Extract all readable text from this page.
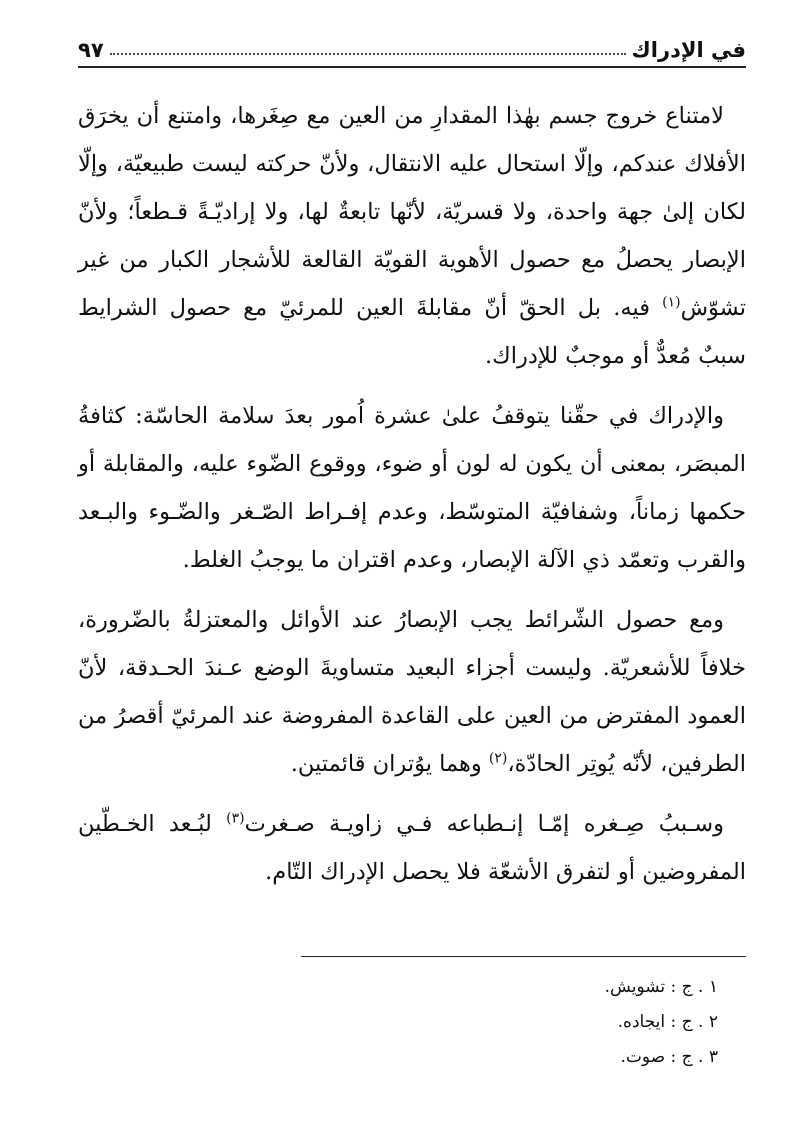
في الإدراك
٩٧

لامتناع خروج جسم بهٰذا المقدارِ من العين مع صِغَرها، وامتنع أن يخرَق الأفلاك عندكم، وإلّا استحال عليه الانتقال، ولأنّ حركته ليست طبيعيّة، وإلّا لكان إلىٰ جهة واحدة، ولا قسريّة، لأنّها تابعةٌ لها، ولا إراديّـةً قـطعاً؛ ولأنّ الإبصار يحصلُ مع حصول الأهوية القويّة القالعة للأشجار الكبار من غير تشوّش$^{(١)}$ فيه. بل الحقّ أنّ مقابلةَ العين للمرئيّ مع حصول الشرايط سببٌ مُعدٌّ أو موجبٌ للإدراك.

والإدراك في حقّنا يتوقفُ علىٰ عشرة اُمور بعدَ سلامة الحاسّة: كثافةُ المبصَر، بمعنى أن يكون له لون أو ضوء، ووقوع الضّوء عليه، والمقابلة أو حكمها زماناً، وشفافيّة المتوسّط، وعدم إفـراط الصّـغر والضّـوء والبـعد والقرب وتعمّد ذي الآلة الإبصار، وعدم اقتران ما يوجبُ الغلط.

ومع حصول الشّرائط يجب الإبصارُ عند الأوائل والمعتزلةُ بالضّرورة، خلافاً للأشعريّة. وليست أجزاء البعيد متساويةَ الوضع عـندَ الحـدقة، لأنّ العمود المفترض من العين على القاعدة المفروضة عند المرئيّ أقصرُ من الطرفين، لأنّه يُوتِر الحادّة،$^{(٢)}$ وهما يوُتران قائمتين.

وسـببُ صِـغره إمّـا إنـطباعه فـي زاويـة صـغرت$^{(٣)}$ لبُـعد الخـطّين المفروضين أو لتفرق الأشعّة فلا يحصل الإدراك التّام.

١ . ج : تشويش.
٢ . ج : ايجاده.
٣ . ج : صوت.
